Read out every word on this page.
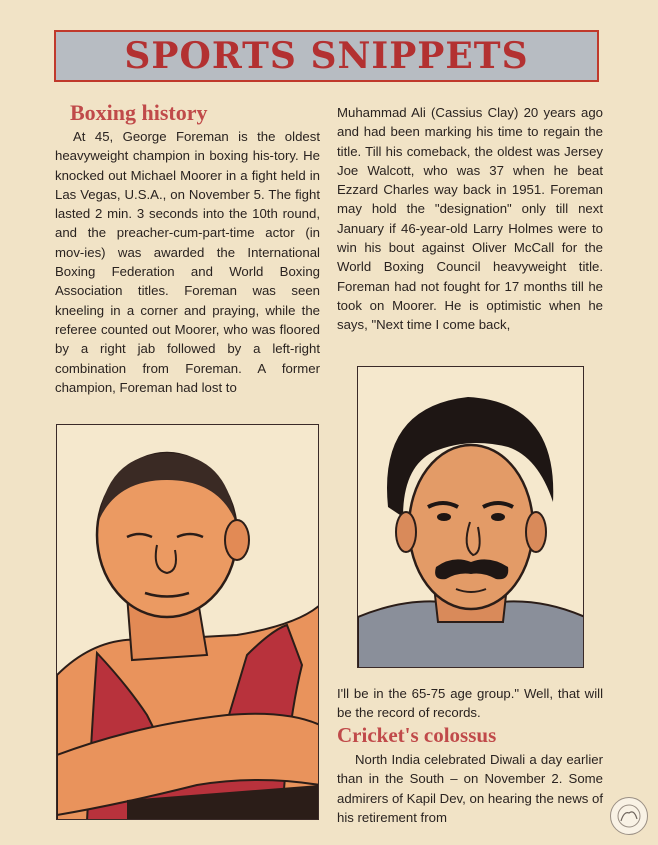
SPORTS SNIPPETS
Boxing history

At 45, George Foreman is the oldest heavyweight champion in boxing his-tory. He knocked out Michael Moorer in a fight held in Las Vegas, U.S.A., on November 5. The fight lasted 2 min. 3 seconds into the 10th round, and the preacher-cum-part-time actor (in mov-ies) was awarded the International Boxing Federation and World Boxing Association titles. Foreman was seen kneeling in a corner and praying, while the referee counted out Moorer, who was floored by a right jab followed by a left-right combination from Foreman. A former champion, Foreman had lost to

Muhammad Ali (Cassius Clay) 20 years ago and had been marking his time to regain the title. Till his comeback, the oldest was Jersey Joe Walcott, who was 37 when he beat Ezzard Charles way back in 1951. Foreman may hold the "designation" only till next January if 46-year-old Larry Holmes were to win his bout against Oliver McCall for the World Boxing Council heavyweight title. Foreman had not fought for 17 months till he took on Moorer. He is optimistic when he says, "Next time I come back,

I'll be in the 65-75 age group." Well, that will be the record of records.

Cricket's colossus

North India celebrated Diwali a day earlier than in the South – on November 2. Some admirers of Kapil Dev, on hearing the news of his retirement from
